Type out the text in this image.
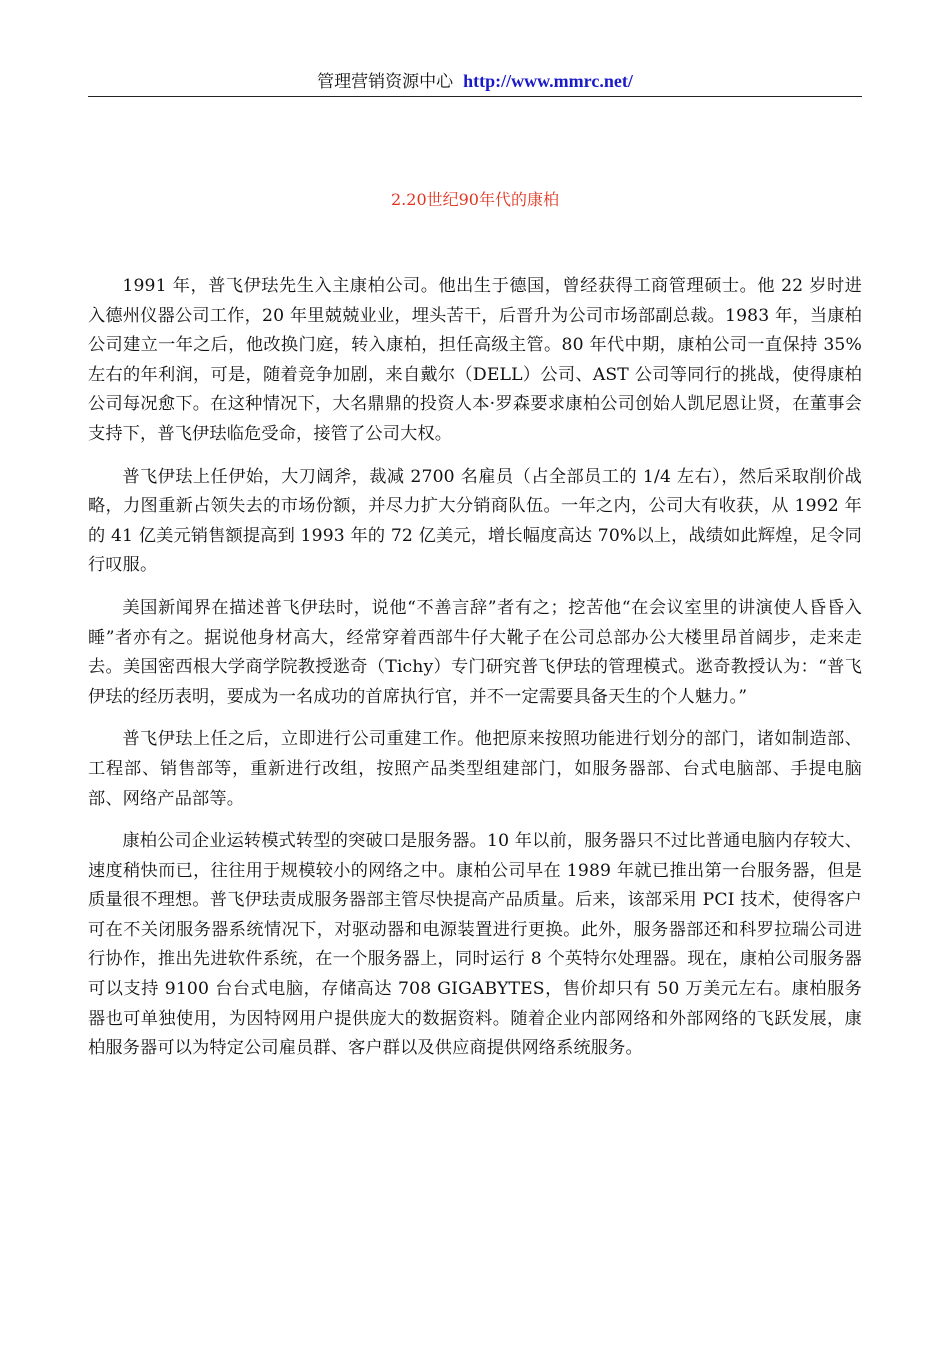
管理营销资源中心 http://www.mmrc.net/
2.20世纪90年代的康柏

1991 年，普飞伊珐先生入主康柏公司。他出生于德国，曾经获得工商管理硕士。他 22 岁时进入德州仪器公司工作，20 年里兢兢业业，埋头苦干，后晋升为公司市场部副总裁。1983 年，当康柏公司建立一年之后，他改换门庭，转入康柏，担任高级主管。80 年代中期，康柏公司一直保持 35%左右的年利润，可是，随着竞争加剧，来自戴尔（DELL）公司、AST 公司等同行的挑战，使得康柏公司每况愈下。在这种情况下，大名鼎鼎的投资人本·罗森要求康柏公司创始人凯尼恩让贤，在董事会支持下，普飞伊珐临危受命，接管了公司大权。

普飞伊珐上任伊始，大刀阔斧，裁减 2700 名雇员（占全部员工的 1/4 左右），然后采取削价战略，力图重新占领失去的市场份额，并尽力扩大分销商队伍。一年之内，公司大有收获，从 1992 年的 41 亿美元销售额提高到 1993 年的 72 亿美元，增长幅度高达 70%以上，战绩如此辉煌，足令同行叹服。

美国新闻界在描述普飞伊珐时，说他“不善言辞”者有之；挖苦他“在会议室里的讲演使人昏昏入睡”者亦有之。据说他身材高大，经常穿着西部牛仔大靴子在公司总部办公大楼里昂首阔步，走来走去。美国密西根大学商学院教授逖奇（Tichy）专门研究普飞伊珐的管理模式。逖奇教授认为：“普飞伊珐的经历表明，要成为一名成功的首席执行官，并不一定需要具备天生的个人魅力。”

普飞伊珐上任之后，立即进行公司重建工作。他把原来按照功能进行划分的部门，诸如制造部、工程部、销售部等，重新进行改组，按照产品类型组建部门，如服务器部、台式电脑部、手提电脑部、网络产品部等。

康柏公司企业运转模式转型的突破口是服务器。10 年以前，服务器只不过比普通电脑内存较大、速度稍快而已，往往用于规模较小的网络之中。康柏公司早在 1989 年就已推出第一台服务器，但是质量很不理想。普飞伊珐责成服务器部主管尽快提高产品质量。后来，该部采用 PCI 技术，使得客户可在不关闭服务器系统情况下，对驱动器和电源装置进行更换。此外，服务器部还和科罗拉瑞公司进行协作，推出先进软件系统，在一个服务器上，同时运行 8 个英特尔处理器。现在，康柏公司服务器可以支持 9100 台台式电脑，存储高达 708 GIGABYTES，售价却只有 50 万美元左右。康柏服务器也可单独使用，为因特网用户提供庞大的数据资料。随着企业内部网络和外部网络的飞跃发展，康柏服务器可以为特定公司雇员群、客户群以及供应商提供网络系统服务。
